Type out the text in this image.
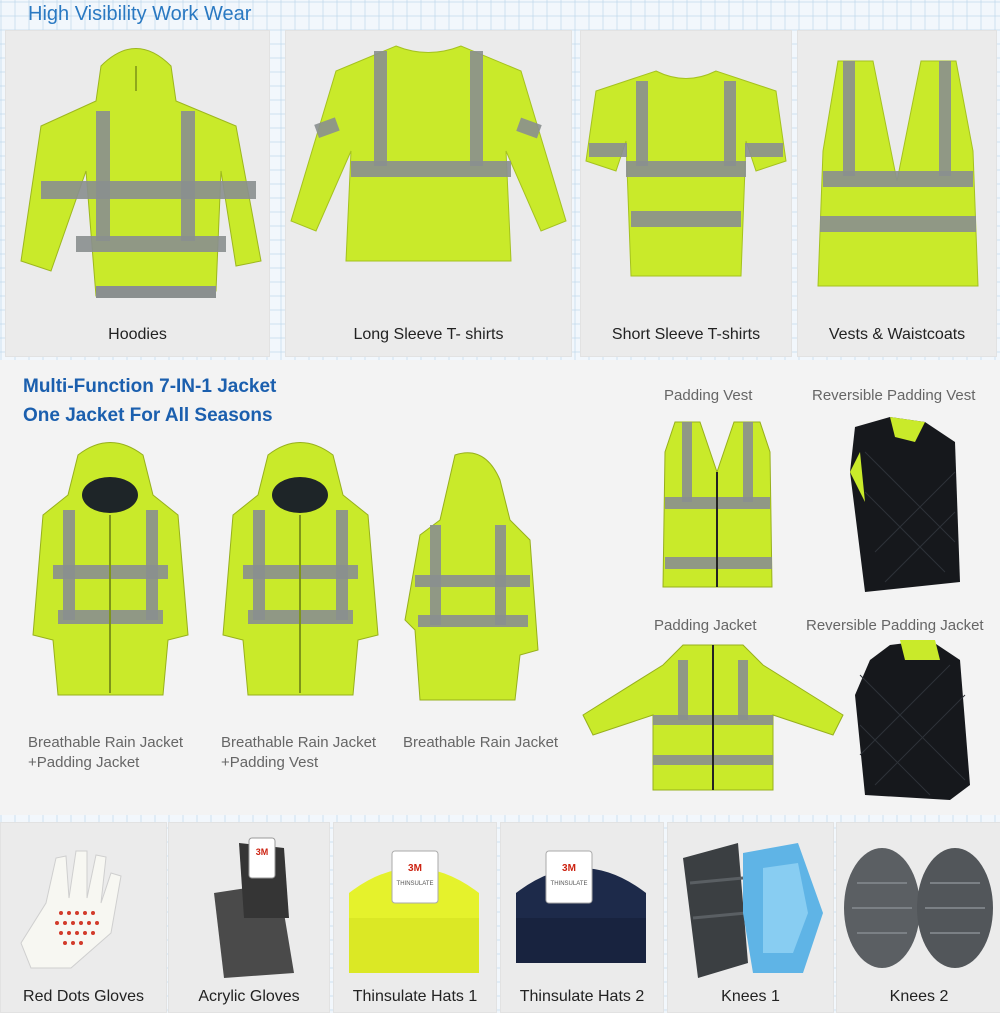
High Visibility Work Wear
Hoodies	Long Sleeve T- shirts	Short Sleeve T-shirts	Vests & Waistcoats
Multi-Function 7-IN-1 Jacket
One Jacket For All Seasons
Breathable Rain Jacket
+Padding Jacket
Breathable Rain Jacket
+Padding Vest
Breathable Rain Jacket
Padding Vest	Reversible Padding Vest
Padding Jacket	Reversible Padding Jacket
Red Dots Gloves
3M
Acrylic Gloves
3M
THINSULATE
Thinsulate Hats 1
3M
THINSULATE
Thinsulate Hats 2	Knees 1	Knees 2
